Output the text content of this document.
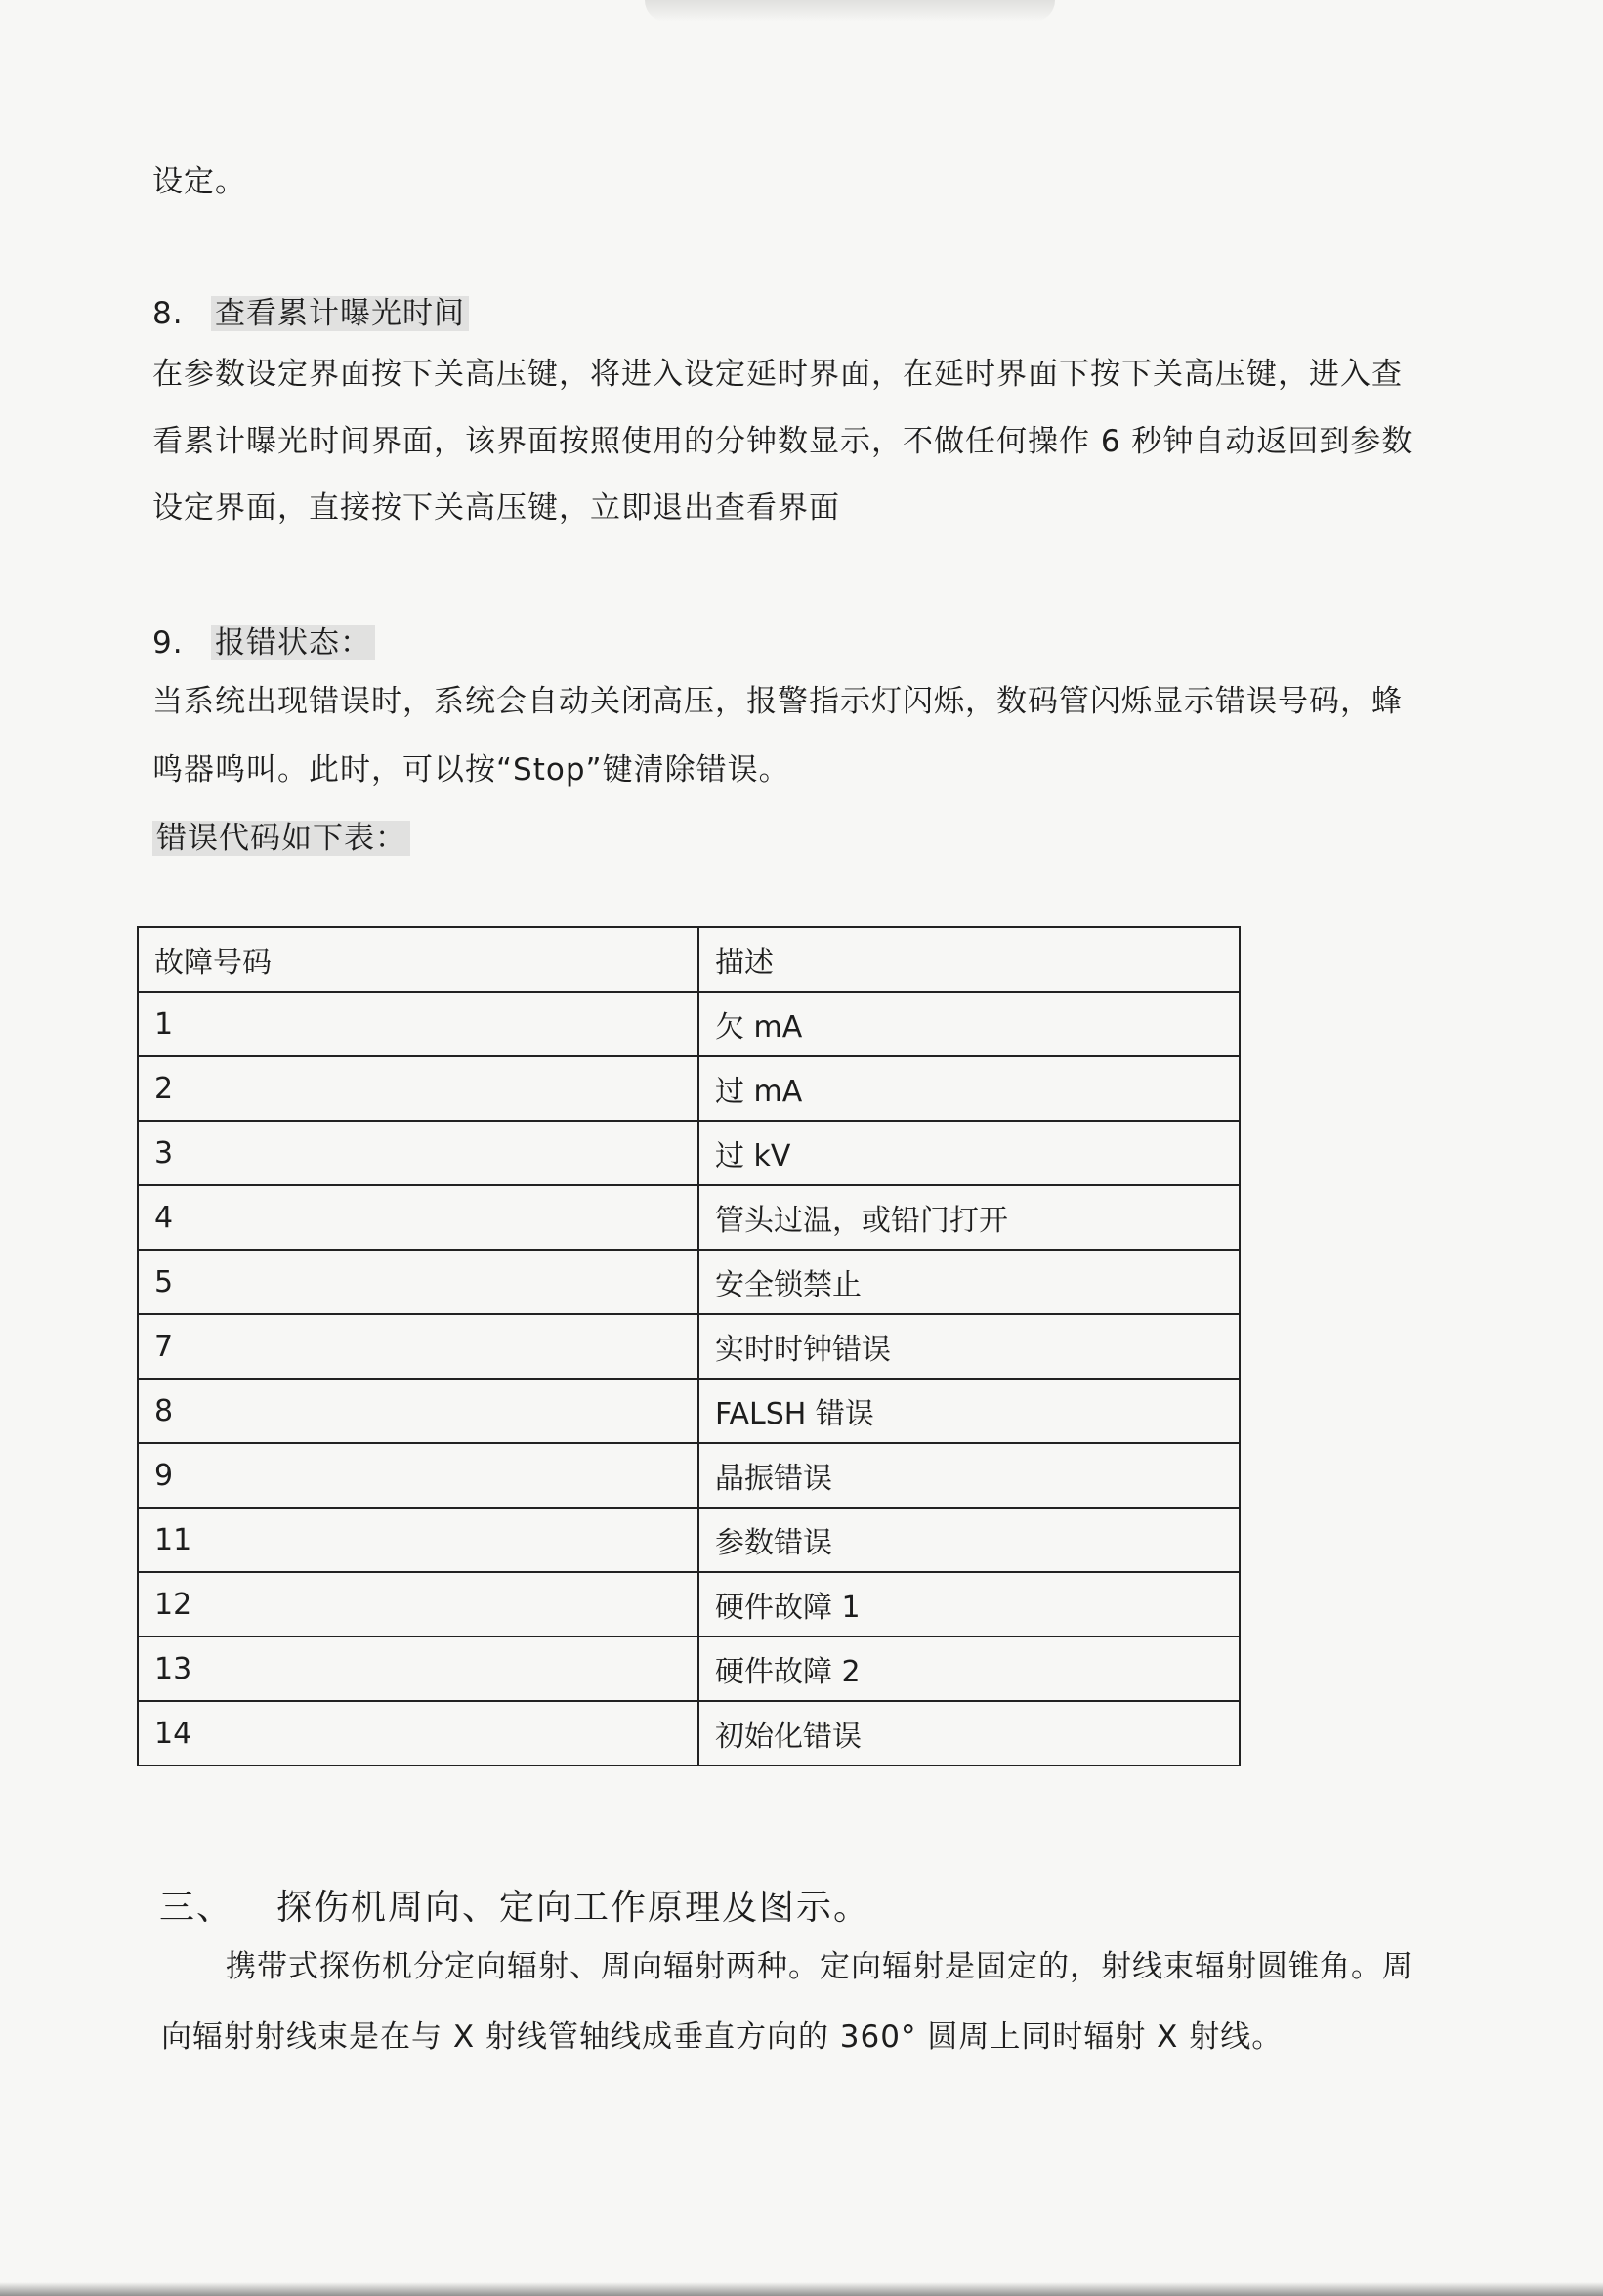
设定。
8. 查看累计曝光时间
在参数设定界面按下关高压键，将进入设定延时界面，在延时界面下按下关高压键，进入查
看累计曝光时间界面，该界面按照使用的分钟数显示，不做任何操作 6 秒钟自动返回到参数
设定界面，直接按下关高压键，立即退出查看界面
9. 报错状态：
当系统出现错误时，系统会自动关闭高压，报警指示灯闪烁，数码管闪烁显示错误号码，蜂
鸣器鸣叫。此时，可以按“Stop”键清除错误。
错误代码如下表：
故障号码	描述
1	欠 mA
2	过 mA
3	过 kV
4	管头过温，或铅门打开
5	安全锁禁止
7	实时时钟错误
8	FALSH 错误
9	晶振错误
11	参数错误
12	硬件故障 1
13	硬件故障 2
14	初始化错误
三、 探伤机周向、定向工作原理及图示。
携带式探伤机分定向辐射、周向辐射两种。定向辐射是固定的，射线束辐射圆锥角。周
向辐射射线束是在与 X 射线管轴线成垂直方向的 360° 圆周上同时辐射 X 射线。
